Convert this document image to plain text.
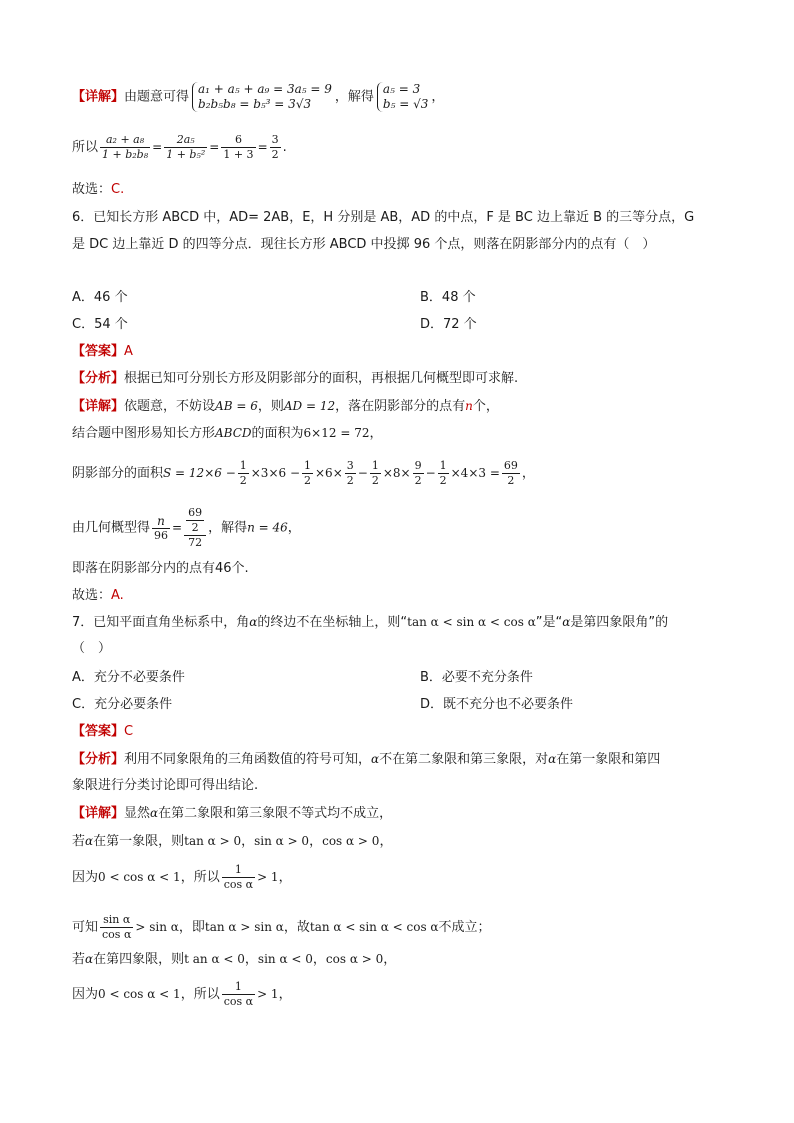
【详解】由题意可得
a₁ + a₅ + a₉ = 3a₅ = 9
b₂b₅b₈ = b₅³ = 3√3	，解得
a₅ = 3
b₅ = √3 ，
所以 $\frac{\text{a₂ + a₈}}{\text{1 + b₂b₈}} = \frac{\text{2a₅}}{\text{1 + b₅²}} = \frac{6}{1 + 3} = \frac{3}{2}$ .
故选：C.
6．已知长方形 ABCD 中，AD= 2AB，E，H 分别是 AB，AD 的中点，F 是 BC 边上靠近 B 的三等分点，G
是 DC 边上靠近 D 的四等分点．现往长方形 ABCD 中投掷 96 个点，则落在阴影部分内的点有（　）
A．46 个	B．48 个
C．54 个	D．72 个
【答案】A
【分析】根据已知可分别长方形及阴影部分的面积，再根据几何概型即可求解.
【详解】依题意，不妨设AB = 6，则AD = 12，落在阴影部分的点有n个，
结合题中图形易知长方形ABCD的面积为6×12 = 72，
阴影部分的面积$S = 12\times 6 - \frac{1}{2} \times 3\times 6 - \frac{1}{2} \times 6\times \frac{3}{2} - \frac{1}{2} \times 8\times \frac{9}{2} - \frac{1}{2} \times 4\times 3 = \frac{69}{2}$ ，
由几何概型得 $\frac{n}{96} = \frac{\frac{69}{2}}{72}$ ，解得n = 46，
即落在阴影部分内的点有46个.
故选：A.
7．已知平面直角坐标系中，角α的终边不在坐标轴上，则“tan α < sin α < cos α”是“α是第四象限角”的
（　）
A．充分不必要条件	B．必要不充分条件
C．充分必要条件	D．既不充分也不必要条件
【答案】C
【分析】利用不同象限角的三角函数值的符号可知，α不在第二象限和第三象限，对α在第一象限和第四
象限进行分类讨论即可得出结论.
【详解】显然α在第二象限和第三象限不等式均不成立，
若α在第一象限，则tan α > 0，sin α > 0，cos α > 0，
因为0 < cos α < 1，所以 $\frac{1}{\text{cos α}} > 1$，
可知 $\frac{\text{sin α}}{\text{cos α}} > \sin \alpha$，即tan α > sin α，故tan α < sin α < cos α不成立；
若α在第四象限，则t an α < 0，sin α < 0，cos α > 0，
因为0 < cos α < 1，所以 $\frac{1}{\text{cos α}} > 1$，
